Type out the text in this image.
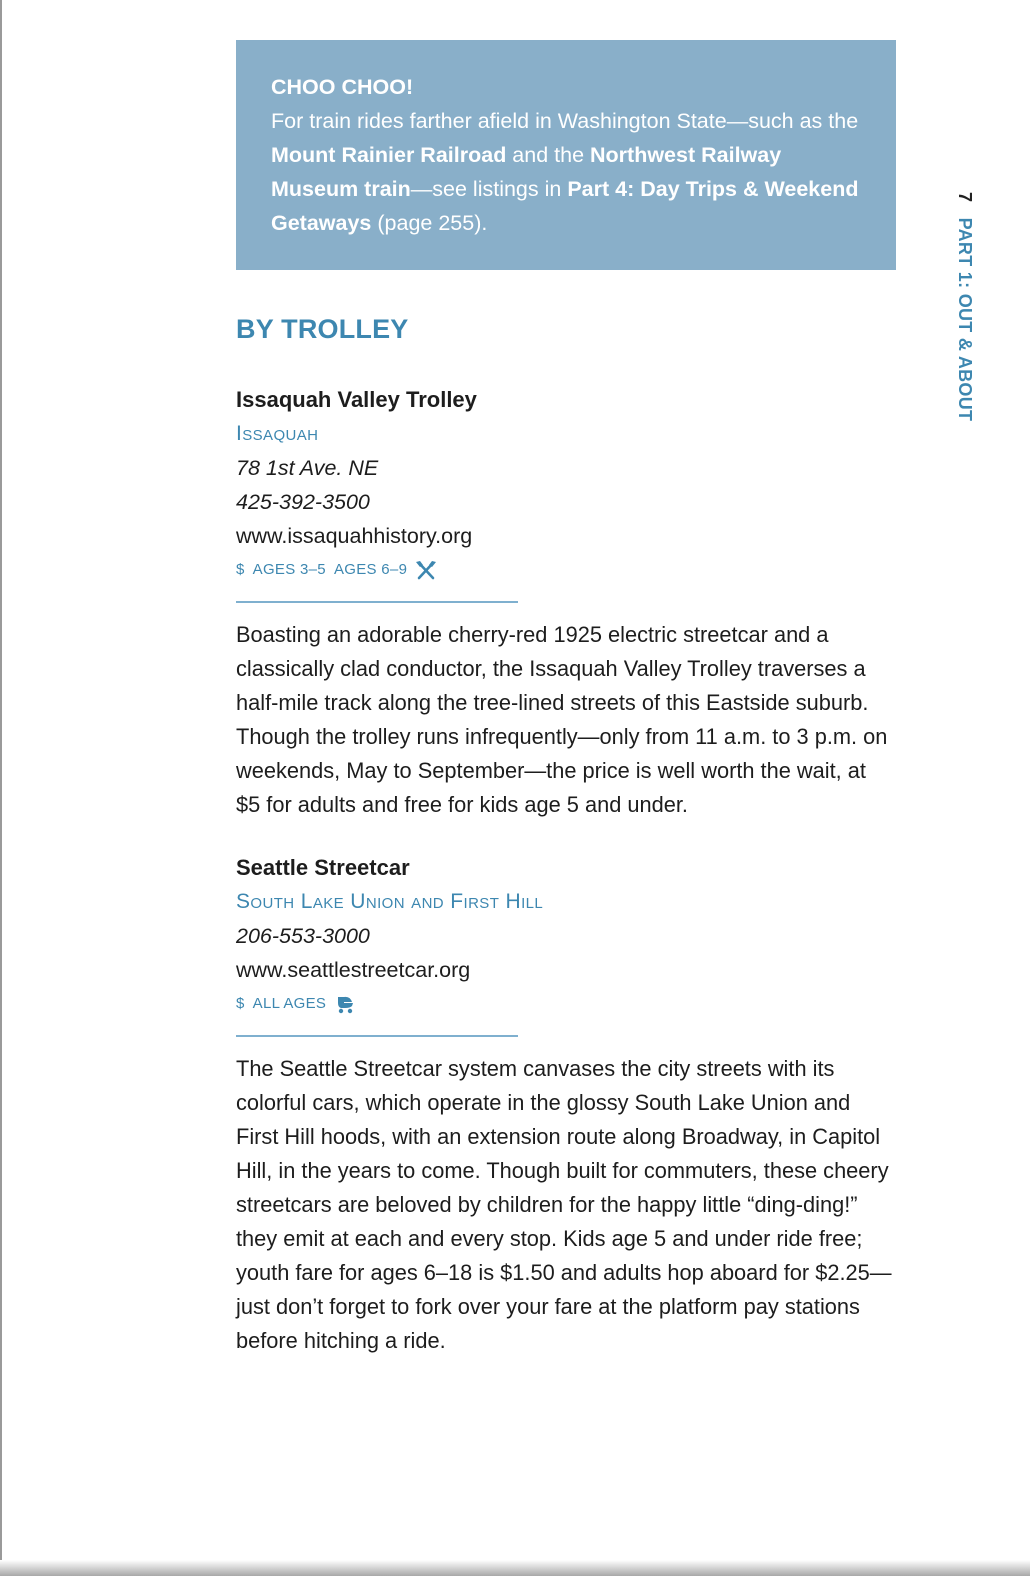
CHOO CHOO!
For train rides farther afield in Washington State—such as the Mount Rainier Railroad and the Northwest Railway Museum train—see listings in Part 4: Day Trips & Weekend Getaways (page 255).
BY TROLLEY
Issaquah Valley Trolley
Issaquah
78 1st Ave. NE
425-392-3500
www.issaquahhistory.org
$ AGES 3–5 AGES 6–9
Boasting an adorable cherry-red 1925 electric streetcar and a classically clad conductor, the Issaquah Valley Trolley traverses a half-mile track along the tree-lined streets of this Eastside suburb. Though the trolley runs infrequently—only from 11 a.m. to 3 p.m. on weekends, May to September—the price is well worth the wait, at $5 for adults and free for kids age 5 and under.
Seattle Streetcar
South Lake Union and First Hill
206-553-3000
www.seattlestreetcar.org
$ ALL AGES
The Seattle Streetcar system canvases the city streets with its colorful cars, which operate in the glossy South Lake Union and First Hill hoods, with an extension route along Broadway, in Capitol Hill, in the years to come. Though built for commuters, these cheery streetcars are beloved by children for the happy little “ding-ding!” they emit at each and every stop. Kids age 5 and under ride free; youth fare for ages 6–18 is $1.50 and adults hop aboard for $2.25—just don’t forget to fork over your fare at the platform pay stations before hitching a ride.
7 PART 1: OUT & ABOUT
